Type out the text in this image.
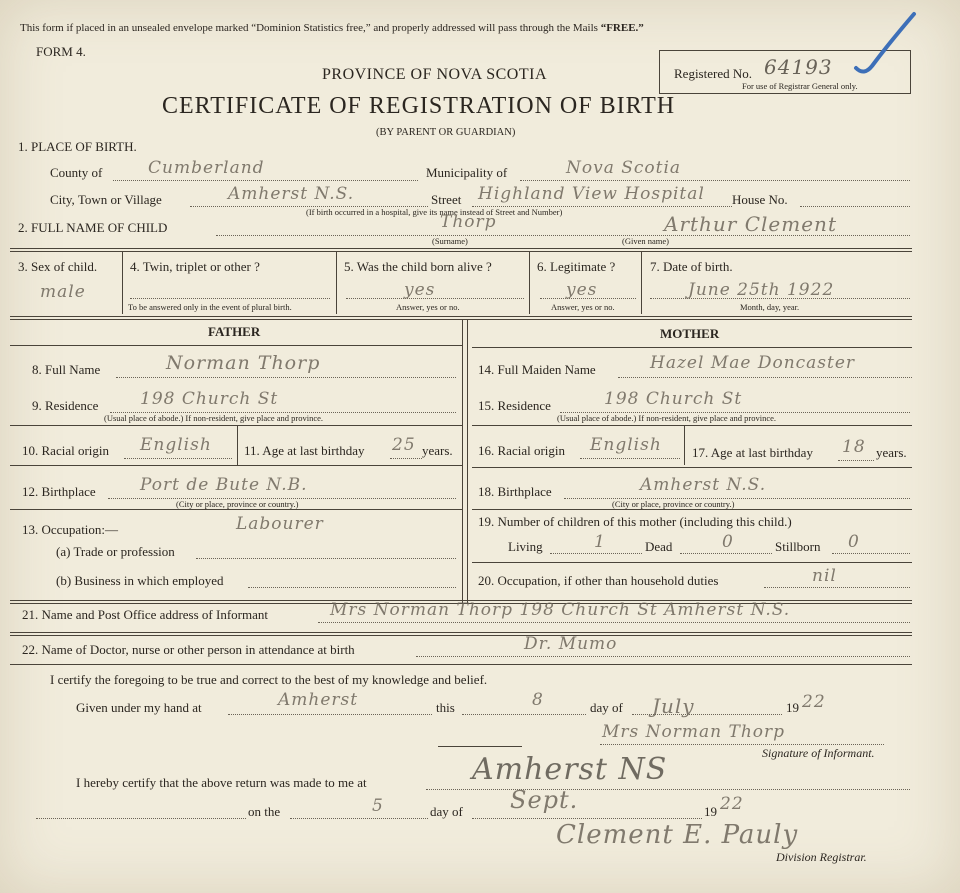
This form if placed in an unsealed envelope marked “Dominion Statistics free,” and properly addressed will pass through the Mails “FREE.”
FORM 4.
PROVINCE OF NOVA SCOTIA
CERTIFICATE OF REGISTRATION OF BIRTH
(BY PARENT OR GUARDIAN)
Registered No. 64193
For use of Registrar General only.
1. PLACE OF BIRTH.
County of	Cumberland	Municipality of	Nova Scotia
City, Town or Village	Amherst N.S.	Street Highland View Hospital House No.
(If birth occurred in a hospital, give its name instead of Street and Number)
2. FULL NAME OF CHILD	Thorp	Arthur Clement
(Surname)	(Given name)
3. Sex of child.
male
4. Twin, triplet or other ?
To be answered only in the event of plural birth.
5. Was the child born alive ?
yes
Answer, yes or no.
6. Legitimate ?
yes
Answer, yes or no.
7. Date of birth.
June 25th 1922
Month, day, year.
FATHER	MOTHER
8. Full Name	Norman Thorp	14. Full Maiden Name	Hazel Mae Doncaster
9. Residence 198 Church St
(Usual place of abode.) If non-resident, give place and province.
15. Residence	198 Church St
(Usual place of abode.) If non-resident, give place and province.
10. Racial origin English 11. Age at last birthday 25 years. 16. Racial origin English 17. Age at last birthday 18 years.
12. Birthplace	Port de Bute N.B.
(City or place, province or country.)
18. Birthplace	Amherst N.S.
(City or place, province or country.)
13. Occupation:—	Labourer
(a) Trade or profession
(b) Business in which employed
19. Number of children of this mother (including this child.)
Living	1	Dead	0	Stillborn 0
20. Occupation, if other than household duties	nil
21. Name and Post Office address of Informant	Mrs Norman Thorp 198 Church St Amherst N.S.
22. Name of Doctor, nurse or other person in attendance at birth	Dr. Mumo
I certify the foregoing to be true and correct to the best of my knowledge and belief.
Given under my hand at	Amherst	this	8	day of July	19 22
Mrs Norman Thorp
Signature of Informant.
I hereby certify that the above return was made to me at	Amherst NS
on the	5	day of Sept.	19 22
Clement E. Pauly
Division Registrar.
